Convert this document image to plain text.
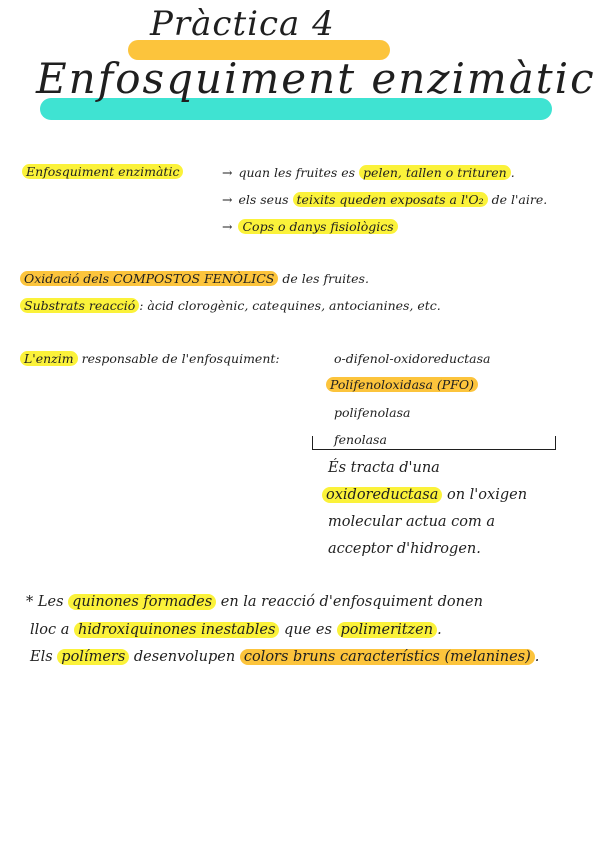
Pràctica 4
Enfosquiment enzimàtic
Enfosquiment enzimàtic	→ quan les fruites es pelen, tallen o trituren .
→ els seus teixits queden exposats a l'O₂ de l'aire.
→ Cops o danys fisiològics
Oxidació dels COMPOSTOS FENÒLICS de les fruites.
Substrats reacció : àcid clorogènic, catequines, antocianines, etc.
L'enzim responsable de l'enfosquiment:	o-difenol-oxidoreductasa
Polifenoloxidasa (PFO)
polifenolasa
fenolasa
És tracta d'una
oxidoreductasa on l'oxigen
molecular actua com a
acceptor d'hidrogen.
* Les quinones formades en la reacció d'enfosquiment donen
lloc a hidroxiquinones inestables que es polimeritzen .
Els polímers desenvolupen colors bruns característics (melanines) .
